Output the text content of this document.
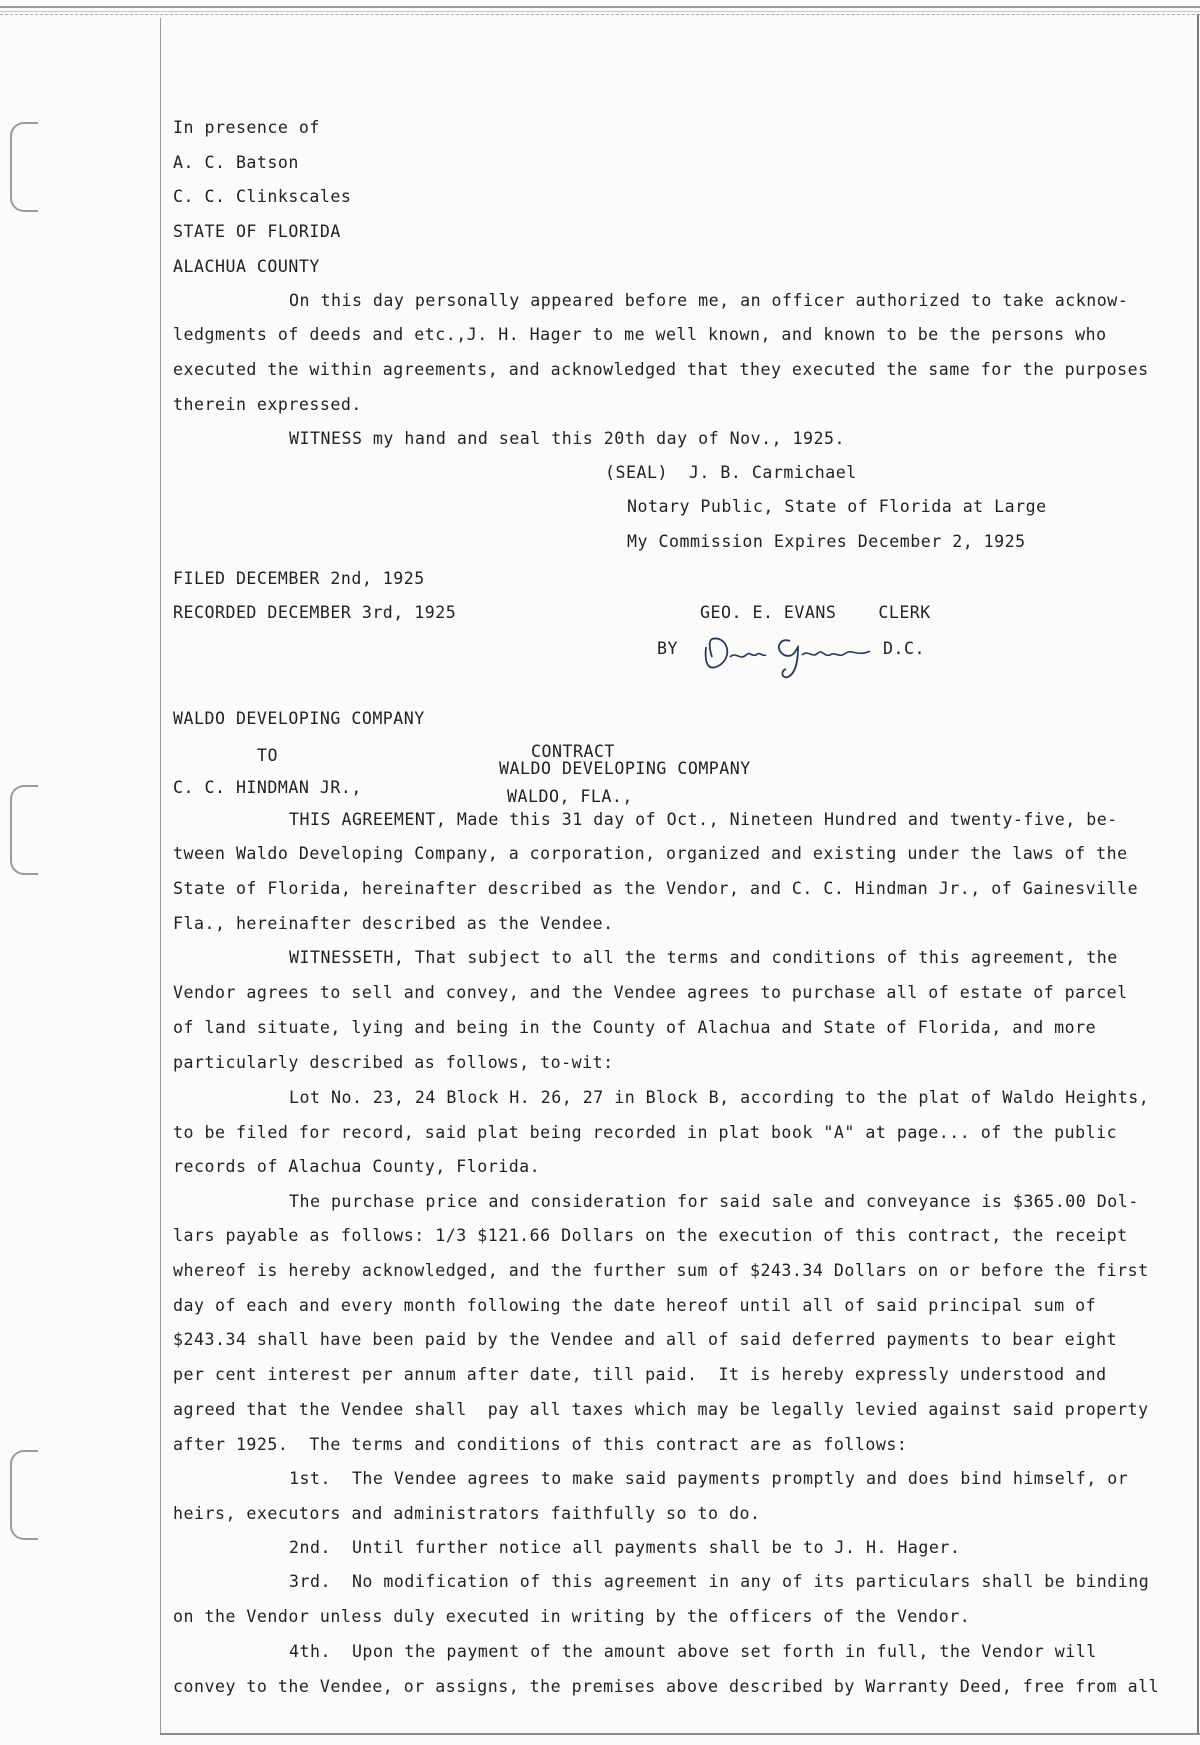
In presence of
A. C. Batson
C. C. Clinkscales
STATE OF FLORIDA
ALACHUA COUNTY
On this day personally appeared before me, an officer authorized to take acknow-
ledgments of deeds and etc.,J. H. Hager to me well known, and known to be the persons who
executed the within agreements, and acknowledged that they executed the same for the purposes
therein expressed.
WITNESS my hand and seal this 20th day of Nov., 1925.
(SEAL)  J. B. Carmichael
Notary Public, State of Florida at Large
My Commission Expires December 2, 1925
FILED DECEMBER 2nd, 1925
RECORDED DECEMBER 3rd, 1925	GEO. E. EVANS    CLERK
BY	D.C.
WALDO DEVELOPING COMPANY
TO	CONTRACT
WALDO DEVELOPING COMPANY
C. C. HINDMAN JR.,	WALDO, FLA.,
THIS AGREEMENT, Made this 31 day of Oct., Nineteen Hundred and twenty-five, be-
tween Waldo Developing Company, a corporation, organized and existing under the laws of the
State of Florida, hereinafter described as the Vendor, and C. C. Hindman Jr., of Gainesville
Fla., hereinafter described as the Vendee.
WITNESSETH, That subject to all the terms and conditions of this agreement, the
Vendor agrees to sell and convey, and the Vendee agrees to purchase all of estate of parcel
of land situate, lying and being in the County of Alachua and State of Florida, and more
particularly described as follows, to-wit:
Lot No. 23, 24 Block H. 26, 27 in Block B, according to the plat of Waldo Heights,
to be filed for record, said plat being recorded in plat book "A" at page... of the public
records of Alachua County, Florida.
The purchase price and consideration for said sale and conveyance is $365.00 Dol-
lars payable as follows: 1/3 $121.66 Dollars on the execution of this contract, the receipt
whereof is hereby acknowledged, and the further sum of $243.34 Dollars on or before the first
day of each and every month following the date hereof until all of said principal sum of
$243.34 shall have been paid by the Vendee and all of said deferred payments to bear eight
per cent interest per annum after date, till paid.  It is hereby expressly understood and
agreed that the Vendee shall  pay all taxes which may be legally levied against said property
after 1925.  The terms and conditions of this contract are as follows:
1st.  The Vendee agrees to make said payments promptly and does bind himself, or
heirs, executors and administrators faithfully so to do.
2nd.  Until further notice all payments shall be to J. H. Hager.
3rd.  No modification of this agreement in any of its particulars shall be binding
on the Vendor unless duly executed in writing by the officers of the Vendor.
4th.  Upon the payment of the amount above set forth in full, the Vendor will
convey to the Vendee, or assigns, the premises above described by Warranty Deed, free from all
